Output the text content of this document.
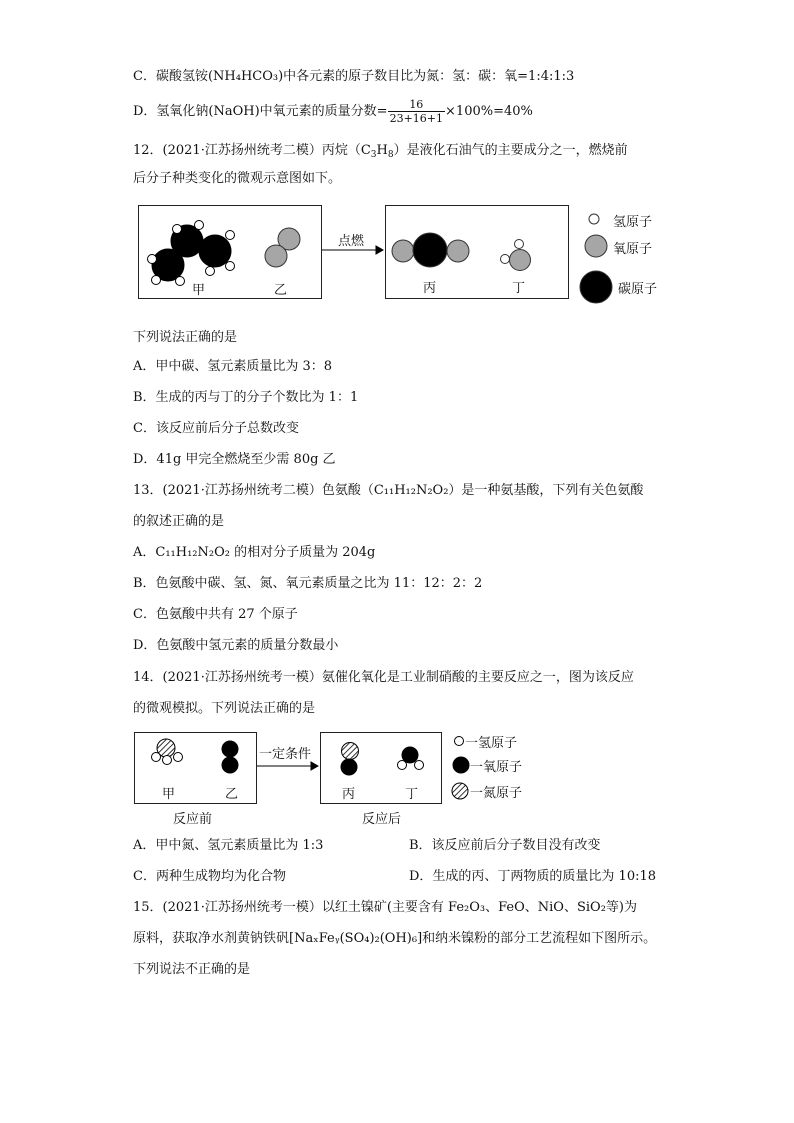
C．碳酸氢铵(NH₄HCO₃)中各元素的原子数目比为氮：氢：碳：氧=1:4:1:3
D．氢氧化钠(NaOH)中氧元素的质量分数= $\frac{16}{23+16+1} \times 100\%=40\%$
12．(2021·江苏扬州统考二模）丙烷$(C_3H_8)$是液化石油气的主要成分之一，燃烧前
后分子种类变化的微观示意图如下。
甲	乙
点燃
丙	丁
氢原子
氧原子
碳原子
下列说法正确的是
A．甲中碳、氢元素质量比为 3：8
B．生成的丙与丁的分子个数比为 1：1
C．该反应前后分子总数改变
D．41g 甲完全燃烧至少需 80g 乙
13．(2021·江苏扬州统考二模）色氨酸（C₁₁H₁₂N₂O₂）是一种氨基酸，下列有关色氨酸
的叙述正确的是
A．C₁₁H₁₂N₂O₂ 的相对分子质量为 204g
B．色氨酸中碳、氢、氮、氧元素质量之比为 11：12：2：2
C．色氨酸中共有 27 个原子
D．色氨酸中氢元素的质量分数最小
14．(2021·江苏扬州统考一模）氨催化氧化是工业制硝酸的主要反应之一，图为该反应
的微观模拟。下列说法正确的是
甲	乙
一定条件
丙	丁
反应前	反应后
一氢原子
一氧原子
一氮原子
A．甲中氮、氢元素质量比为 1:3	B．该反应前后分子数目没有改变
C．两种生成物均为化合物	D．生成的丙、丁两物质的质量比为 10:18
15．(2021·江苏扬州统考一模）以红土镍矿(主要含有 Fe₂O₃、FeO、NiO、SiO₂等)为
原料，获取净水剂黄钠铁矾[NaₓFeᵧ(SO₄)₂(OH)₆]和纳米镍粉的部分工艺流程如下图所示。
下列说法不正确的是
